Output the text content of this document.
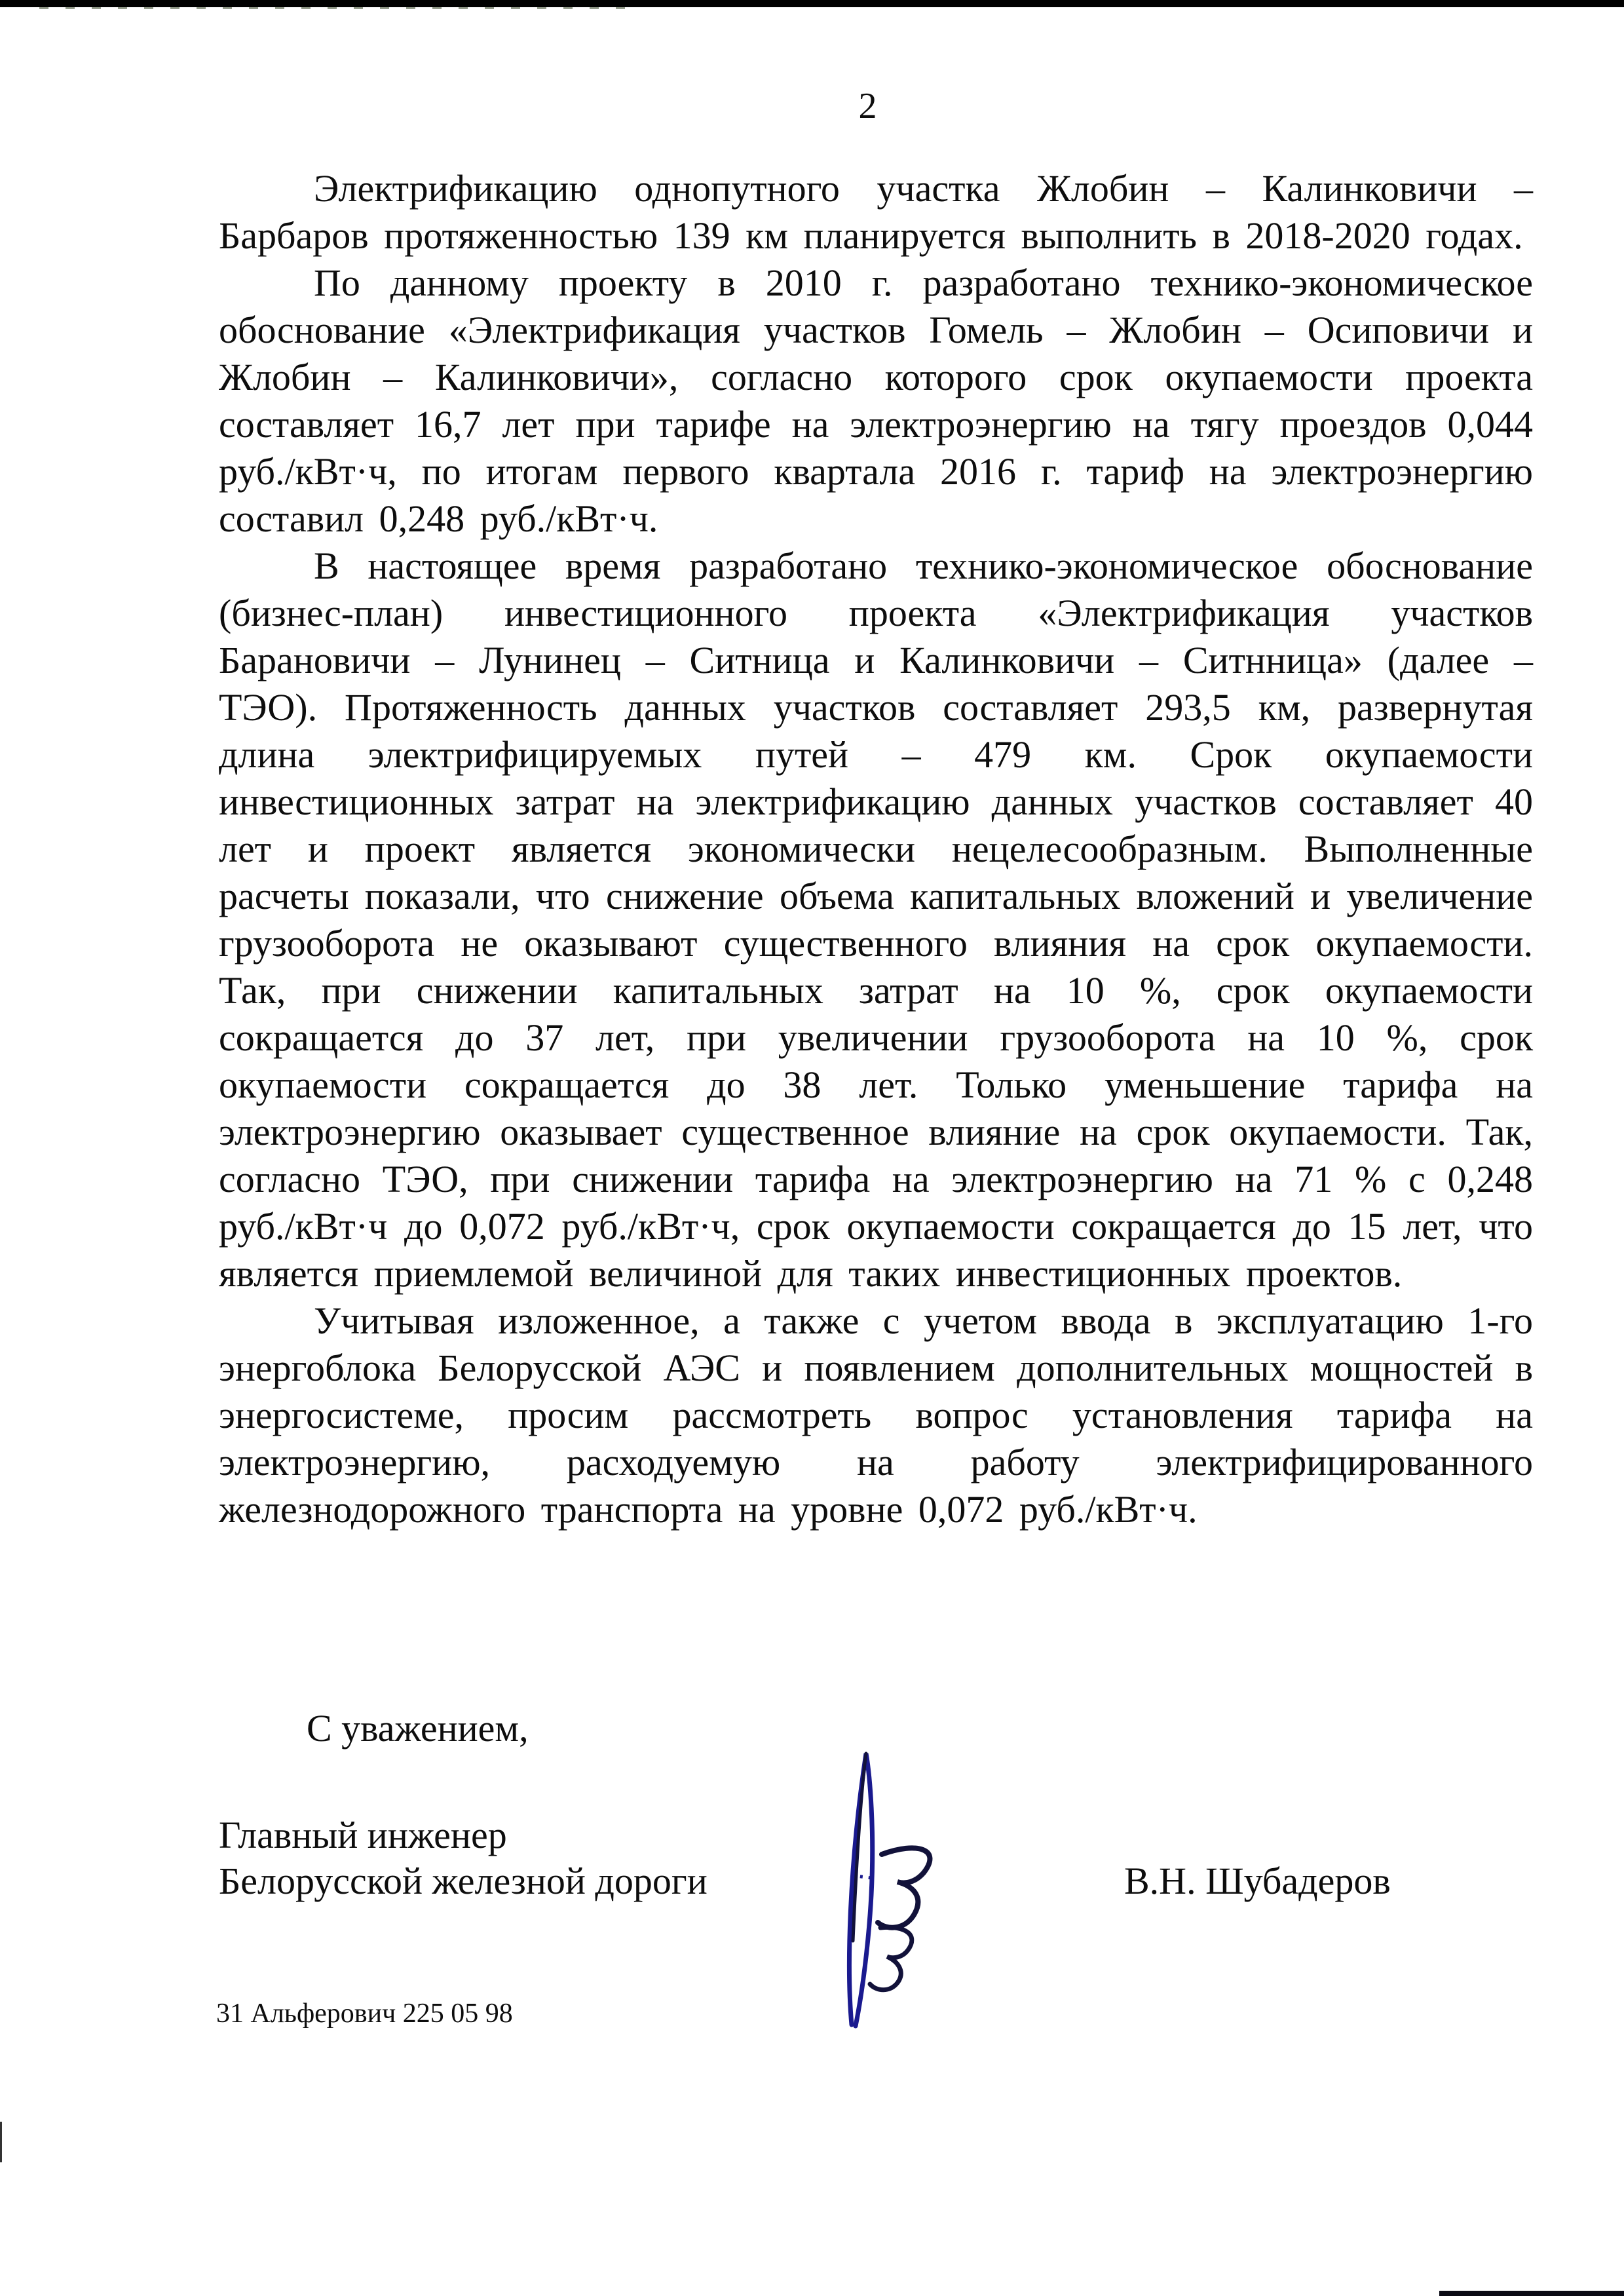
2

Электрификацию однопутного участка Жлобин – Калинковичи – Барбаров протяженностью 139 км планируется выполнить в 2018-2020 годах.

По данному проекту в 2010 г. разработано технико-экономическое обоснование «Электрификация участков Гомель – Жлобин – Осиповичи и Жлобин – Калинковичи», согласно которого срок окупаемости проекта составляет 16,7 лет при тарифе на электроэнергию на тягу проездов 0,044 руб./кВт·ч, по итогам первого квартала 2016 г. тариф на электроэнергию составил 0,248 руб./кВт·ч.

В настоящее время разработано технико-экономическое обоснование (бизнес-план) инвестиционного проекта «Электрификация участков Барановичи – Лунинец – Ситница и Калинковичи – Ситнница» (далее – ТЭО). Протяженность данных участков составляет 293,5 км, развернутая длина электрифицируемых путей – 479 км. Срок окупаемости инвестиционных затрат на электрификацию данных участков составляет 40 лет и проект является экономически нецелесообразным. Выполненные расчеты показали, что снижение объема капитальных вложений и увеличение грузооборота не оказывают существенного влияния на срок окупаемости. Так, при снижении капитальных затрат на 10 %, срок окупаемости сокращается до 37 лет, при увеличении грузооборота на 10 %, срок окупаемости сокращается до 38 лет. Только уменьшение тарифа на электроэнергию оказывает существенное влияние на срок окупаемости. Так, согласно ТЭО, при снижении тарифа на электроэнергию на 71 % с 0,248 руб./кВт·ч до 0,072 руб./кВт·ч, срок окупаемости сокращается до 15 лет, что является приемлемой величиной для таких инвестиционных проектов.

Учитывая изложенное, а также с учетом ввода в эксплуатацию 1-го энергоблока Белорусской АЭС и появлением дополнительных мощностей в энергосистеме, просим рассмотреть вопрос установления тарифа на электроэнергию, расходуемую на работу электрифицированного железнодорожного транспорта на уровне 0,072 руб./кВт·ч.

С уважением,
Главный инженер
Белорусской железной дороги	В.Н. Шубадеров
31 Альферович 225 05 98
